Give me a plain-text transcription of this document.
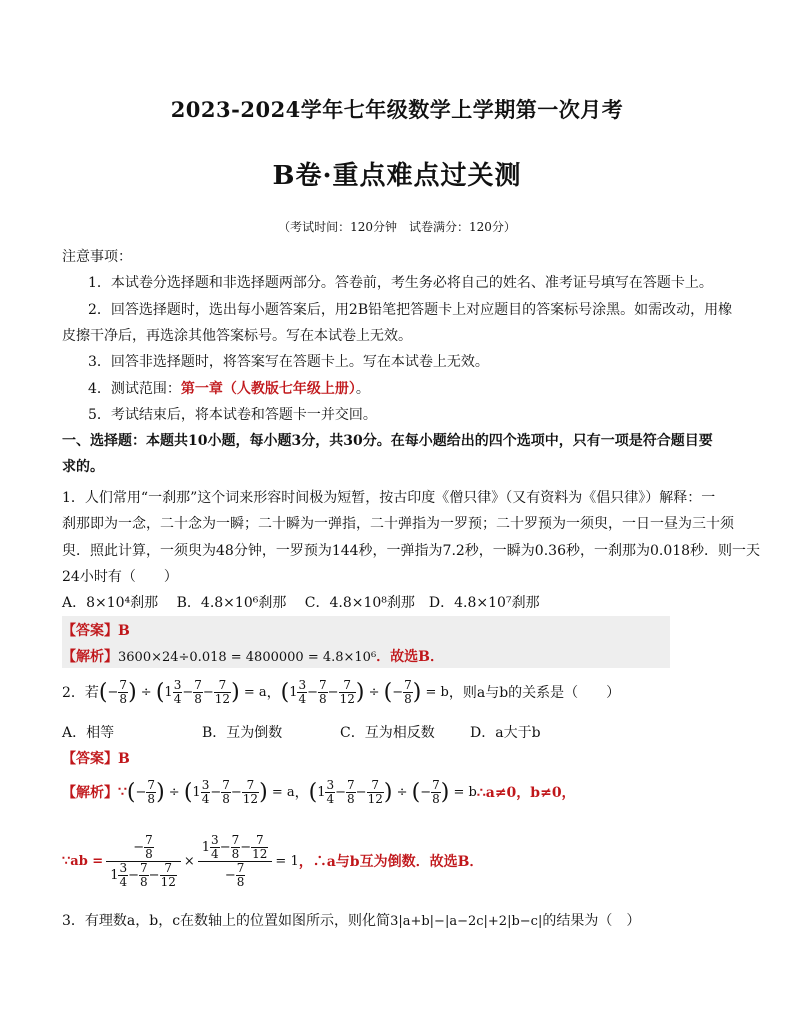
2023-2024学年七年级数学上学期第一次月考
B卷·重点难点过关测
（考试时间：120分钟　试卷满分：120分）
注意事项：
1．本试卷分选择题和非选择题两部分。答卷前，考生务必将自己的姓名、准考证号填写在答题卡上。
2．回答选择题时，选出每小题答案后，用2B铅笔把答题卡上对应题目的答案标号涂黑。如需改动，用橡
皮擦干净后，再选涂其他答案标号。写在本试卷上无效。
3．回答非选择题时，将答案写在答题卡上。写在本试卷上无效。
4．测试范围：第一章（人教版七年级上册）。
5．考试结束后，将本试卷和答题卡一并交回。
一、选择题：本题共10小题，每小题3分，共30分。在每小题给出的四个选项中，只有一项是符合题目要
求的。
1．人们常用“一刹那”这个词来形容时间极为短暂，按古印度《僧只律》（又有资料为《倡只律》）解释：一
刹那即为一念，二十念为一瞬；二十瞬为一弹指，二十弹指为一罗预；二十罗预为一须臾，一日一昼为三十须
臾．照此计算，一须臾为48分钟，一罗预为144秒，一弹指为7.2秒，一瞬为0.36秒，一刹那为0.018秒．则一天
24小时有（　　）
A．8×10⁴刹那　 B．4.8×10⁶刹那　 C．4.8×10⁸刹那　D．4.8×10⁷刹那
【答案】B
【解析】3600×24÷0.018 = 4800000 = 4.8×10⁶．故选B．
2．若 ( − $\frac{7}{8}$ ) ÷ ( $1 \frac{3}{4} - \frac{7}{8} - \frac{7}{12}$ )
= a ， ( $1 \frac{3}{4} - \frac{7}{8} - \frac{7}{12}$ ) ÷ ( − $\frac{7}{8}$ )
= b ，则a与b的关系是（　　）
A．相等	B．互为倒数	C．互为相反数	D．a大于b
【答案】B
【解析】 ∵ ( − $\frac{7}{8}$ ) ÷ ( $1 \frac{3}{4} - \frac{7}{8} - \frac{7}{12}$ )
= a ， ( $1 \frac{3}{4} - \frac{7}{8} - \frac{7}{12}$ ) ÷ ( − $\frac{7}{8}$ )
= b ∴a≠0，b≠0，
∵ab = $\frac{- \frac{7}{8}}{1 \frac{3}{4} - \frac{7}{8} - \frac{7}{12}} \times \frac{1 \frac{3}{4} - \frac{7}{8} - \frac{7}{12}}{- \frac{7}{8}} = 1$ ，∴a与b互为倒数．故选B．
3．有理数a，b，c在数轴上的位置如图所示，则化简3|a+b|−|a−2c|+2|b−c|的结果为（　）
